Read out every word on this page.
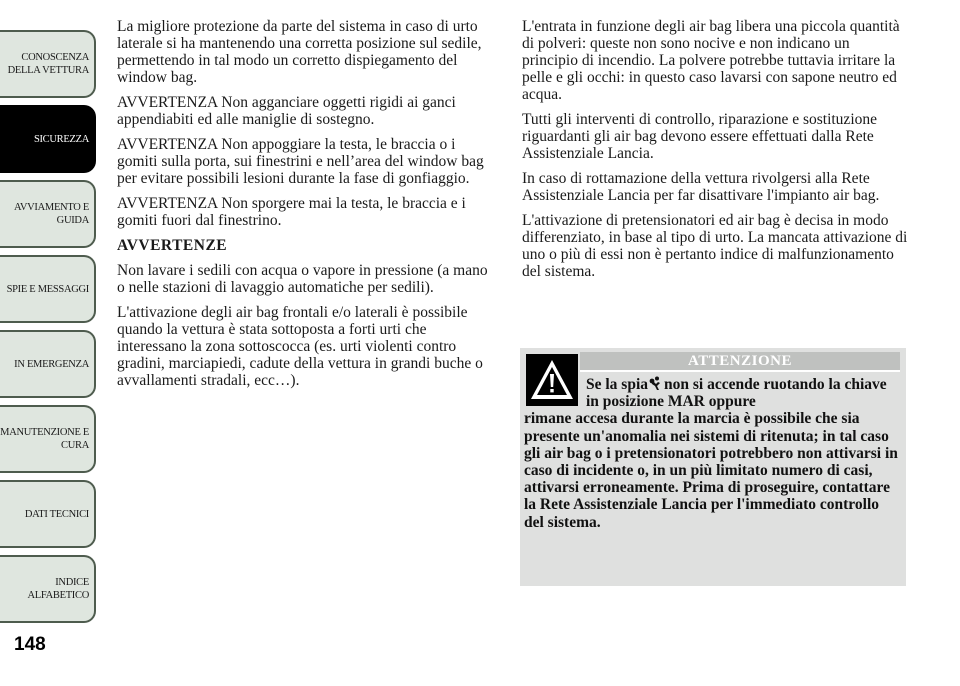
CONOSCENZA
DELLA VETTURA
SICUREZZA
AVVIAMENTO E
GUIDA
SPIE E MESSAGGI
IN EMERGENZA
MANUTENZIONE E
CURA
DATI TECNICI
INDICE
ALFABETICO
148

La migliore protezione da parte del sistema in caso di urto laterale si ha mantenendo una corretta posizione sul sedile, permettendo in tal modo un corretto dispiegamento del window bag.

AVVERTENZA Non agganciare oggetti rigidi ai ganci appendiabiti ed alle maniglie di sostegno.

AVVERTENZA Non appoggiare la testa, le braccia o i gomiti sulla porta, sui finestrini e nell’area del window bag per evitare possibili lesioni durante la fase di gonfiaggio.

AVVERTENZA Non sporgere mai la testa, le braccia e i gomiti fuori dal finestrino.

AVVERTENZE

Non lavare i sedili con acqua o vapore in pressione (a mano o nelle stazioni di lavaggio automatiche per sedili).

L'attivazione degli air bag frontali e/o laterali è possibile quando la vettura è stata sottoposta a forti urti che interessano la zona sottoscocca (es. urti violenti contro gradini, marciapiedi, cadute della vettura in grandi buche o avvallamenti stradali, ecc…).

L'entrata in funzione degli air bag libera una piccola quantità di polveri: queste non sono nocive e non indicano un principio di incendio. La polvere potrebbe tuttavia irritare la pelle e gli occhi: in questo caso lavarsi con sapone neutro ed acqua.

Tutti gli interventi di controllo, riparazione e sostituzione riguardanti gli air bag devono essere effettuati dalla Rete Assistenziale Lancia.

In caso di rottamazione della vettura rivolgersi alla Rete Assistenziale Lancia per far disattivare l'impianto air bag.

L'attivazione di pretensionatori ed air bag è decisa in modo differenziato, in base al tipo di urto. La mancata attivazione di uno o più di essi non è pertanto indice di malfunzionamento del sistema.

ATTENZIONE
Se la spia non si accende ruotando la chiave in posizione MAR oppure
rimane accesa durante la marcia è possibile che sia presente un'anomalia nei sistemi di ritenuta; in tal caso gli air bag o i pretensionatori potrebbero non attivarsi in caso di incidente o, in un più limitato numero di casi, attivarsi erroneamente. Prima di proseguire, contattare la Rete Assistenziale Lancia per l'immediato controllo del sistema.
